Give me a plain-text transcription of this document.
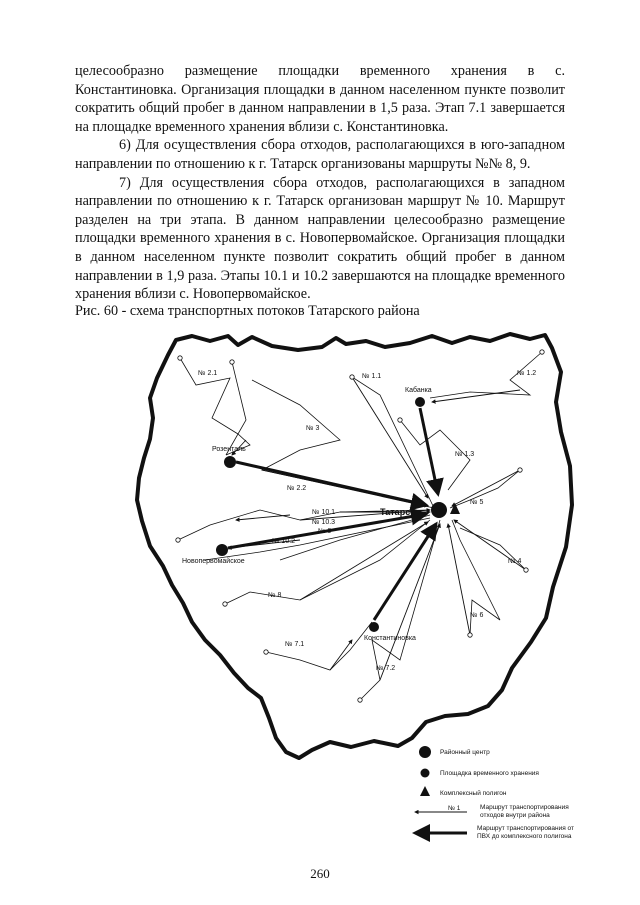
целесообразно размещение площадки временного хранения в с. Константиновка. Организация площадки в данном населенном пункте позволит сократить общий пробег в данном направлении в 1,5 раза. Этап 7.1 завершается на площадке временного хранения вблизи с. Константиновка.

6) Для осуществления сбора отходов, располагающихся в юго-западном направлении по отношению к г. Татарск организованы маршруты №№ 8, 9.

7) Для осуществления сбора отходов, располагающихся в западном направлении по отношению к г. Татарск организован маршрут № 10. Маршрут разделен на три этапа. В данном направлении целесообразно размещение площадки временного хранения в с. Новопервомайское. Организация площадки в данном населенном пункте позволит сократить общий пробег в данном направлении в 1,9 раза. Этапы 10.1 и 10.2 завершаются на площадке временного хранения вблизи с. Новопервомайское.

Рис. 60 - схема транспортных потоков Татарского района
Татарск
Кабанка
Розенталь
Новопервомайское
Константиновка
№ 2.1	№ 1.1	№ 1.2
№ 3
№ 1.3
№ 2.2
№ 5
№ 10.1
№ 10.3
№ 9
№ 10.2
№ 4
№ 8
№ 6
№ 7.1
№ 7.2
Районный центр
Площадка временного хранения
Комплексный полигон
№ 1	Маршрут транспортирования
отходов внутри района
Маршрут транспортирования от
ПВХ до комплексного полигона
260
